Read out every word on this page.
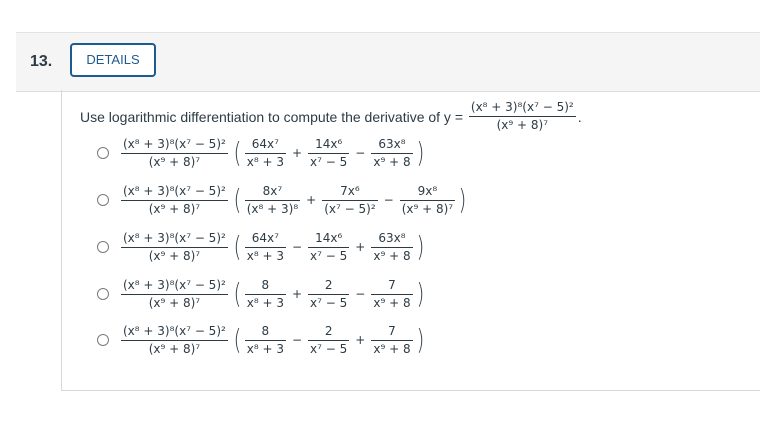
13.	DETAILS
Use logarithmic differentiation to compute the derivative of $y = \frac{\text{(x⁸ + 3)⁸(x⁷ − 5)²}}{\text{(x⁹ + 8)⁷}}$ .
$\frac{\text{(x⁸ + 3)⁸(x⁷ − 5)²}}{\text{(x⁹ + 8)⁷}}$ ( $\frac{\text{64x⁷}}{\text{x⁸ + 3}} + \frac{\text{14x⁶}}{\text{x⁷ − 5}} - \frac{\text{63x⁸}}{\text{x⁹ + 8}}$ )
$\frac{\text{(x⁸ + 3)⁸(x⁷ − 5)²}}{\text{(x⁹ + 8)⁷}}$ ( $\frac{\text{8x⁷}}{\text{(x⁸ + 3)⁸}} + \frac{\text{7x⁶}}{\text{(x⁷ − 5)²}} - \frac{\text{9x⁸}}{\text{(x⁹ + 8)⁷}}$ )
$\frac{\text{(x⁸ + 3)⁸(x⁷ − 5)²}}{\text{(x⁹ + 8)⁷}}$ ( $\frac{\text{64x⁷}}{\text{x⁸ + 3}} - \frac{\text{14x⁶}}{\text{x⁷ − 5}} + \frac{\text{63x⁸}}{\text{x⁹ + 8}}$ )
$\frac{\text{(x⁸ + 3)⁸(x⁷ − 5)²}}{\text{(x⁹ + 8)⁷}}$ ( $\frac{8}{\text{x⁸ + 3}} + \frac{2}{\text{x⁷ − 5}} - \frac{7}{\text{x⁹ + 8}}$ )
$\frac{\text{(x⁸ + 3)⁸(x⁷ − 5)²}}{\text{(x⁹ + 8)⁷}}$ ( $\frac{8}{\text{x⁸ + 3}} - \frac{2}{\text{x⁷ − 5}} + \frac{7}{\text{x⁹ + 8}}$ )
